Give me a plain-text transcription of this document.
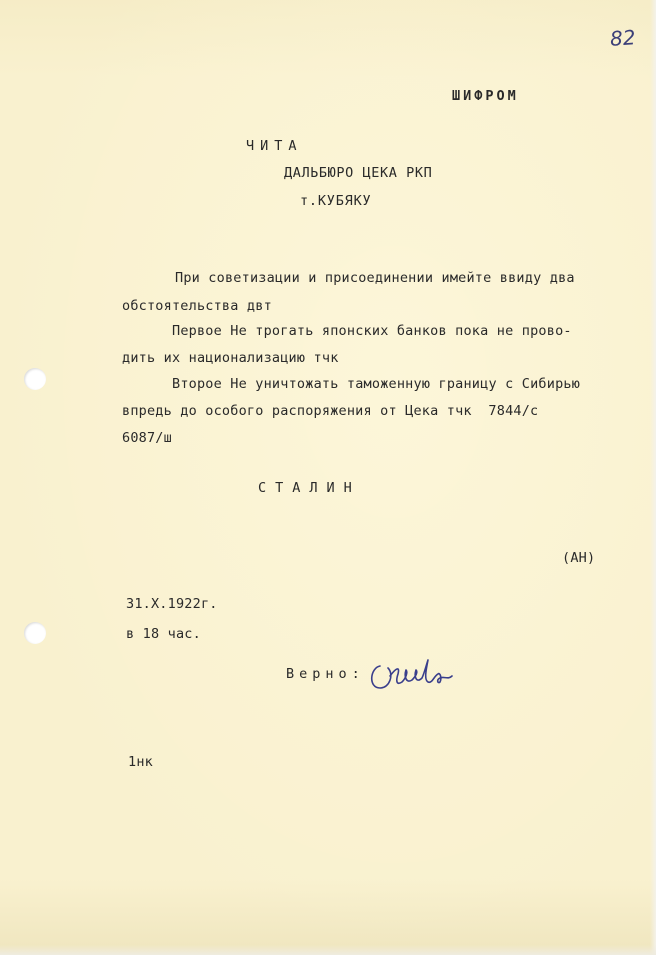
82
ШИФРОМ
ЧИТА
ДАЛЬБЮРО ЦЕКА РКП
т.КУБЯКУ
При советизации и присоединении имейте ввиду два
обстоятельства двт
Первое Не трогать японских банков пока не прово-
дить их национализацию тчк
Второе Не уничтожать таможенную границу с Сибирью
впредь до особого распоряжения от Цека тчк  7844/с
6087/ш
СТАЛИН
(АН)
31.X.1922г.
в 18 час.
Верно:
1нк
